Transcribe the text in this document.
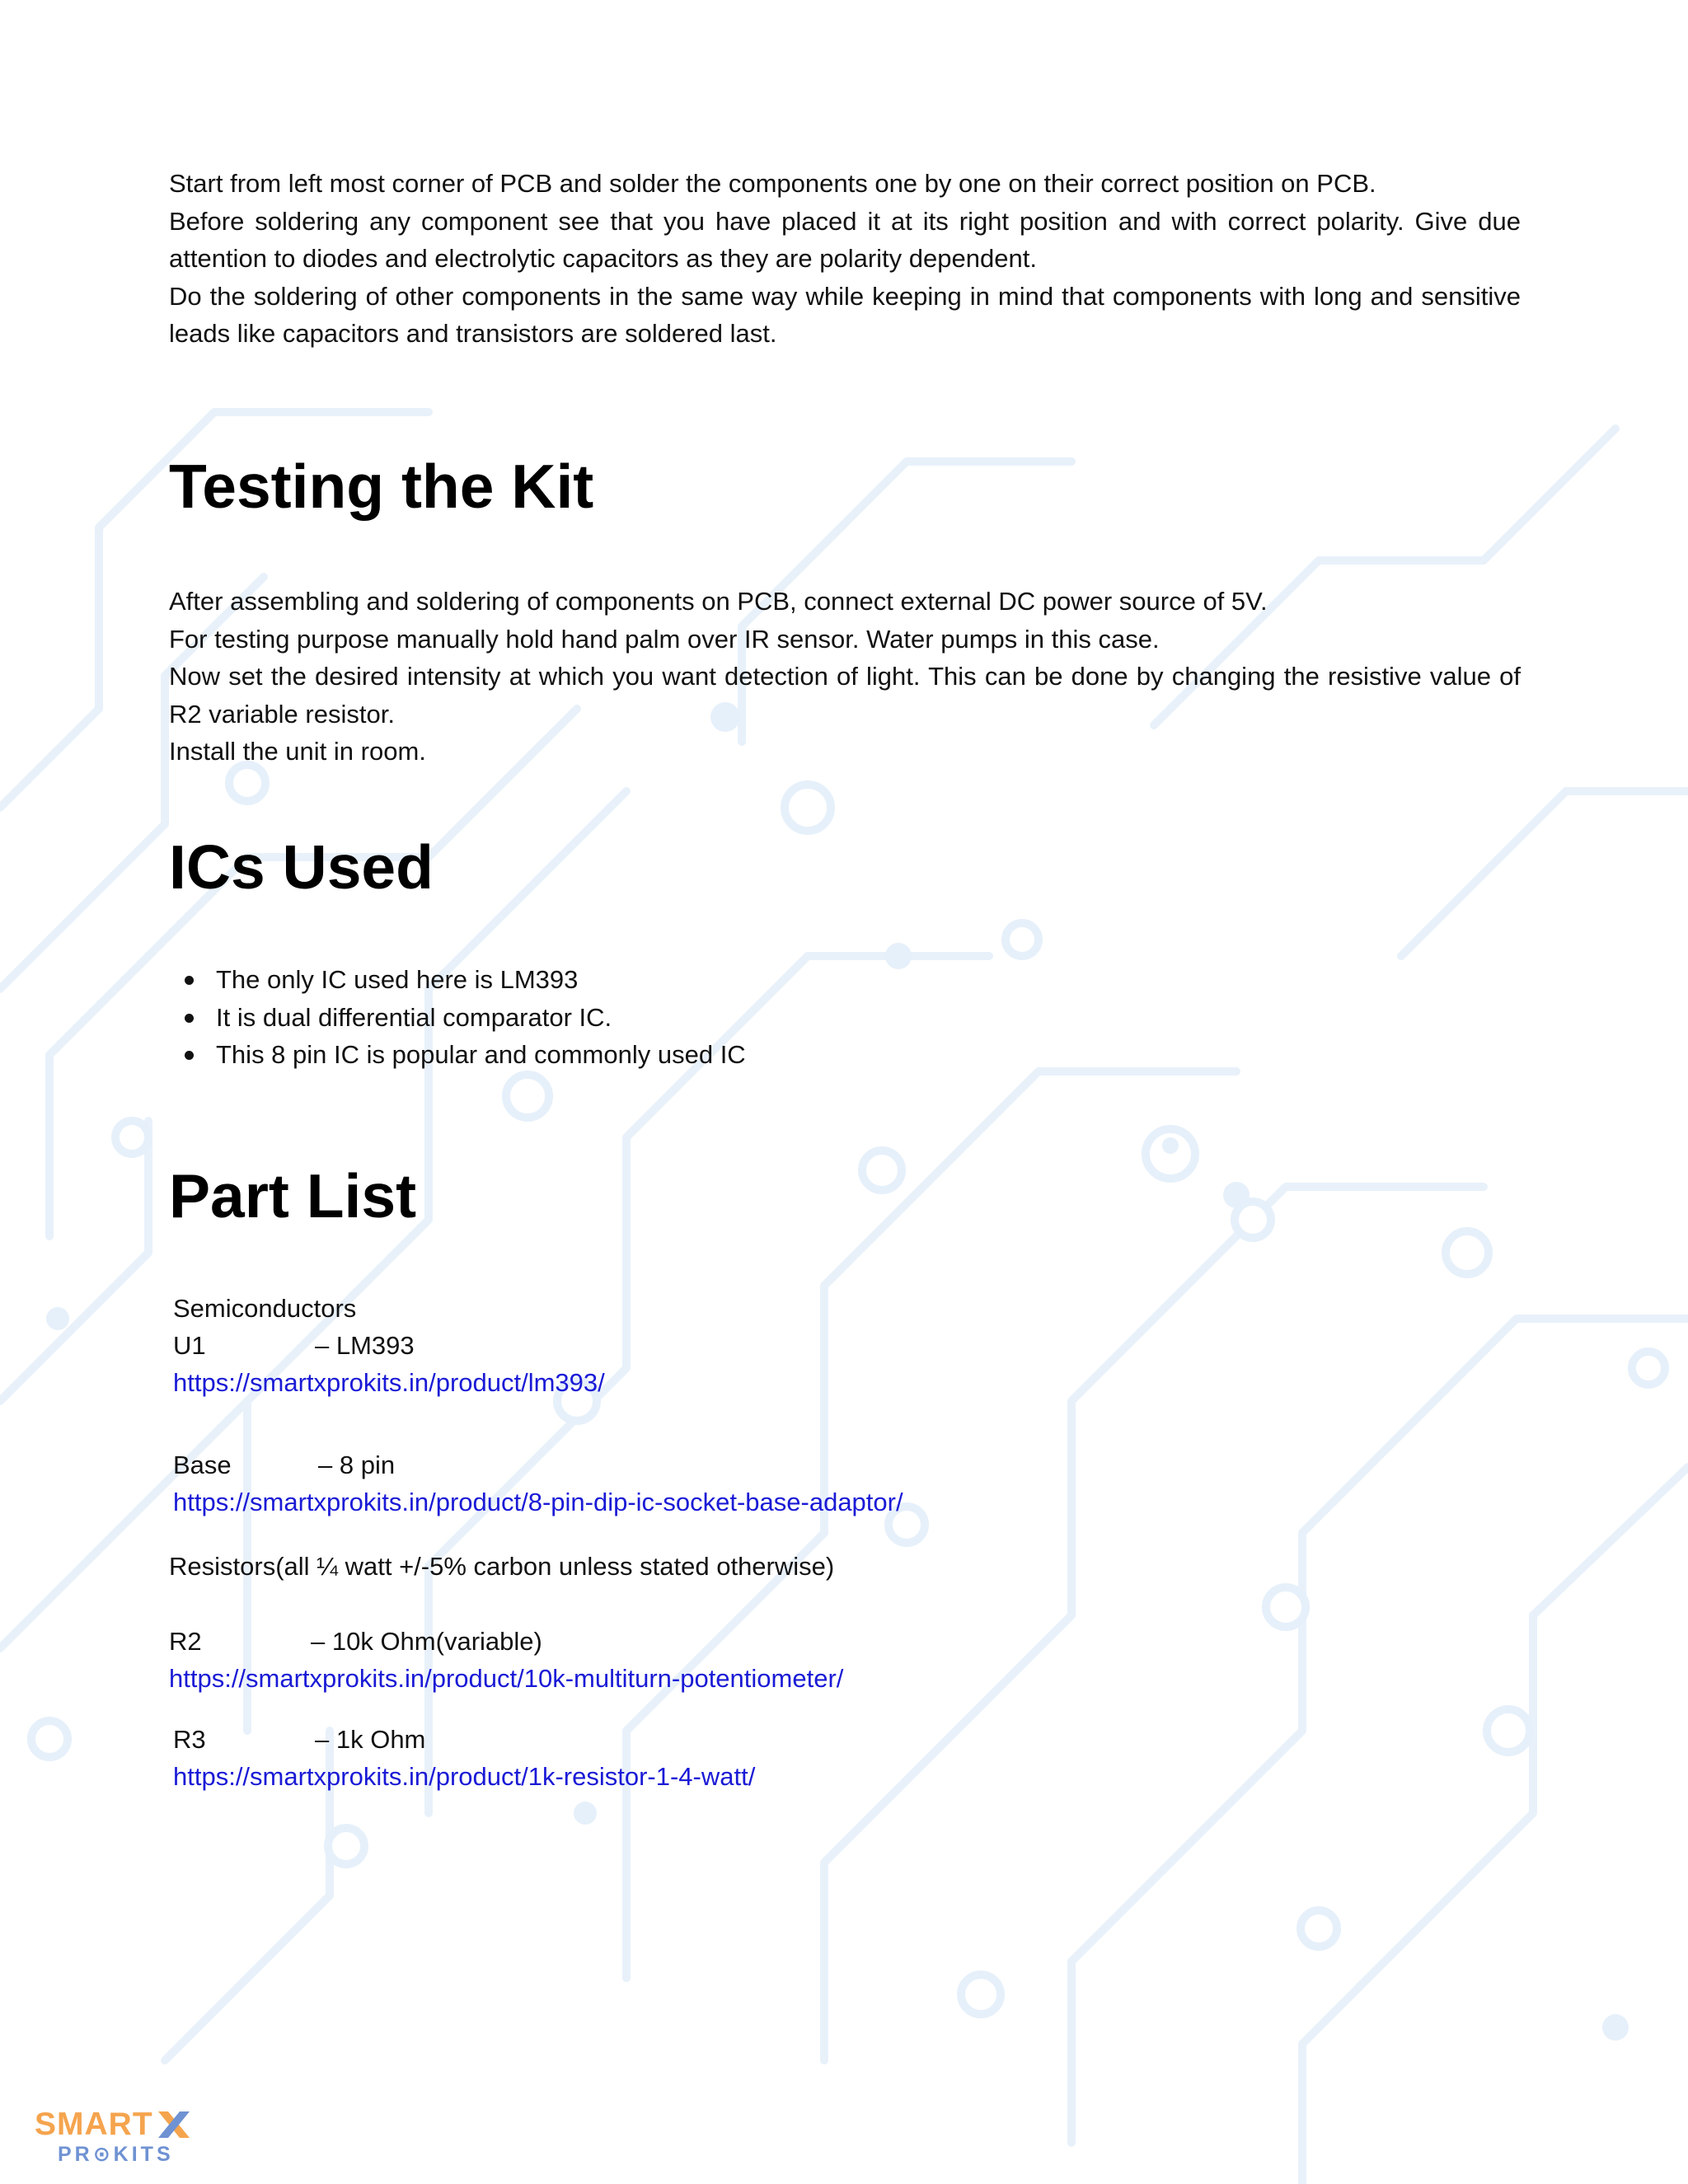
Start from left most corner of PCB and solder the components one by one on their correct position on PCB.

Before soldering any component see that you have placed it at its right position and with correct polarity. Give due attention to diodes and electrolytic capacitors as they are polarity dependent.

Do the soldering of other components in the same way while keeping in mind that components with long and sensitive leads like capacitors and transistors are soldered last.

Testing the Kit

After assembling and soldering of components on PCB, connect external DC power source of 5V.

For testing purpose manually hold hand palm over IR sensor. Water pumps in this case.

Now set the desired intensity at which you want detection of light. This can be done by changing the resistive value of R2 variable resistor.

Install the unit in room.

ICs Used
The only IC used here is LM393
It is dual differential comparator IC.
This 8 pin IC is popular and commonly used IC
Part List
Semiconductors
U1	– LM393
https://smartxprokits.in/product/lm393/
Base	– 8 pin
https://smartxprokits.in/product/8-pin-dip-ic-socket-base-adaptor/
Resistors(all ¼ watt +/-5% carbon unless stated otherwise)
R2	– 10k Ohm(variable)
https://smartxprokits.in/product/10k-multiturn-potentiometer/
R3	– 1k Ohm
https://smartxprokits.in/product/1k-resistor-1-4-watt/
SMART
PR⊙KITS
